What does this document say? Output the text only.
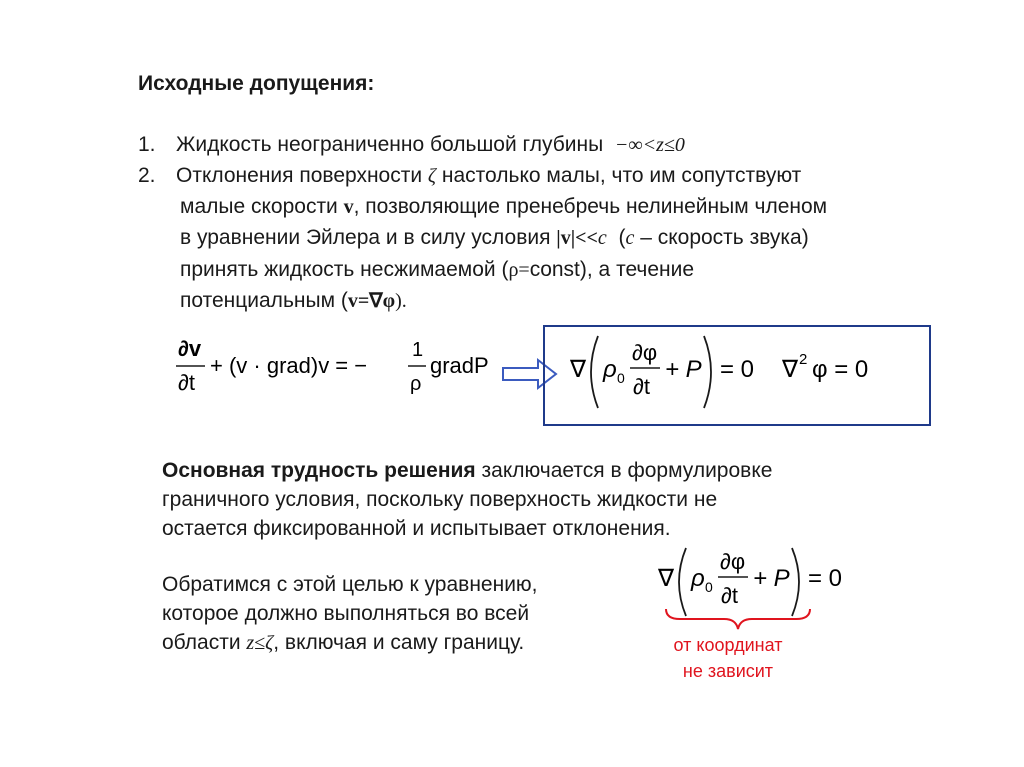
Исходные допущения:
1. Жидкость неограниченно большой глубины −∞<z≤0
2. Отклонения поверхности ζ настолько малы, что им сопутствуют
малые скорости v, позволяющие пренебречь нелинейным членом
в уравнении Эйлера и в силу условия |v|<<c (c – скорость звука)
принять жидкость несжимаемой (ρ=const), а течение
потенциальным (v=∇φ).
∂v
∂t
+ (v · grad)v = −
1
ρ
gradP	∇ ρ 0
∂φ
∂t
+ P = 0 ∇ 2 φ = 0
Основная трудность решения заключается в формулировке
граничного условия, поскольку поверхность жидкости не
остается фиксированной и испытывает отклонения.
Обратимся с этой целью к уравнению,
которое должно выполняться во всей
области z≤ζ, включая и саму границу.
∇ ρ 0
∂φ
∂t
+ P = 0
от координат
не зависит
